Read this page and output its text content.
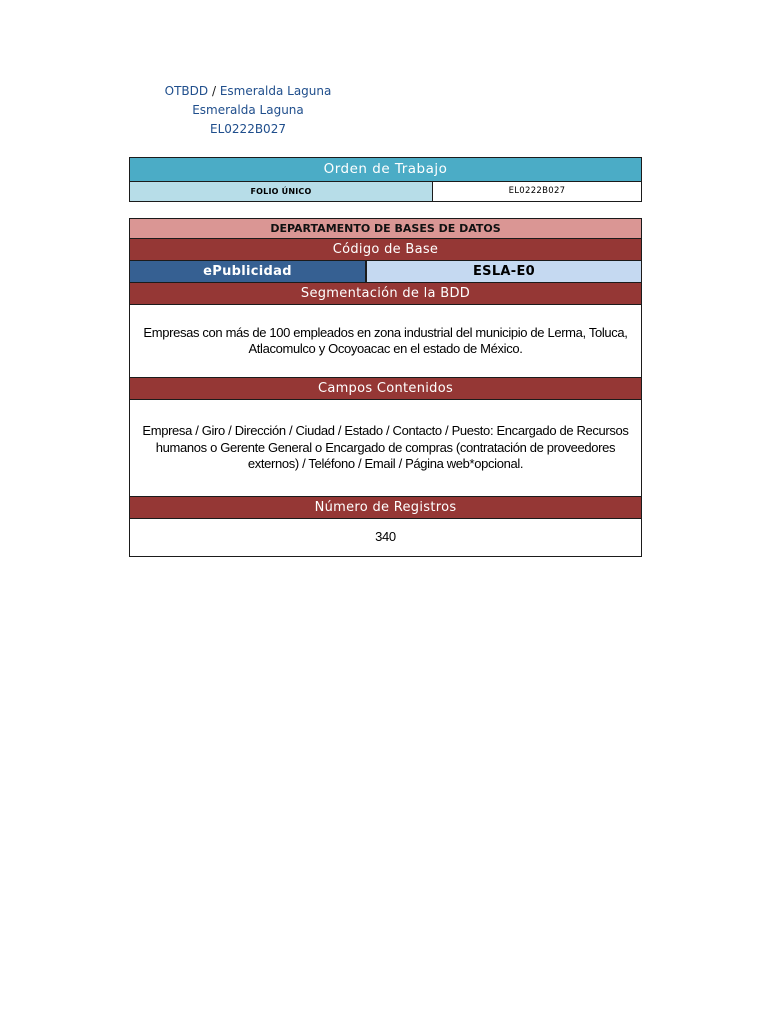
OTBDD / Esmeralda Laguna
Esmeralda Laguna
EL0222B027
Orden de Trabajo
FOLIO ÚNICO	EL0222B027
DEPARTAMENTO DE BASES DE DATOS
Código de Base
ePublicidad	ESLA-E0
Segmentación de la BDD
Empresas con más de 100 empleados en zona industrial del municipio de Lerma, Toluca,
Atlacomulco y Ocoyoacac en el estado de México.
Campos Contenidos
Empresa / Giro / Dirección / Ciudad / Estado / Contacto / Puesto: Encargado de Recursos
humanos o Gerente General o Encargado de compras (contratación de proveedores
externos) / Teléfono / Email / Página web*opcional.
Número de Registros
340
